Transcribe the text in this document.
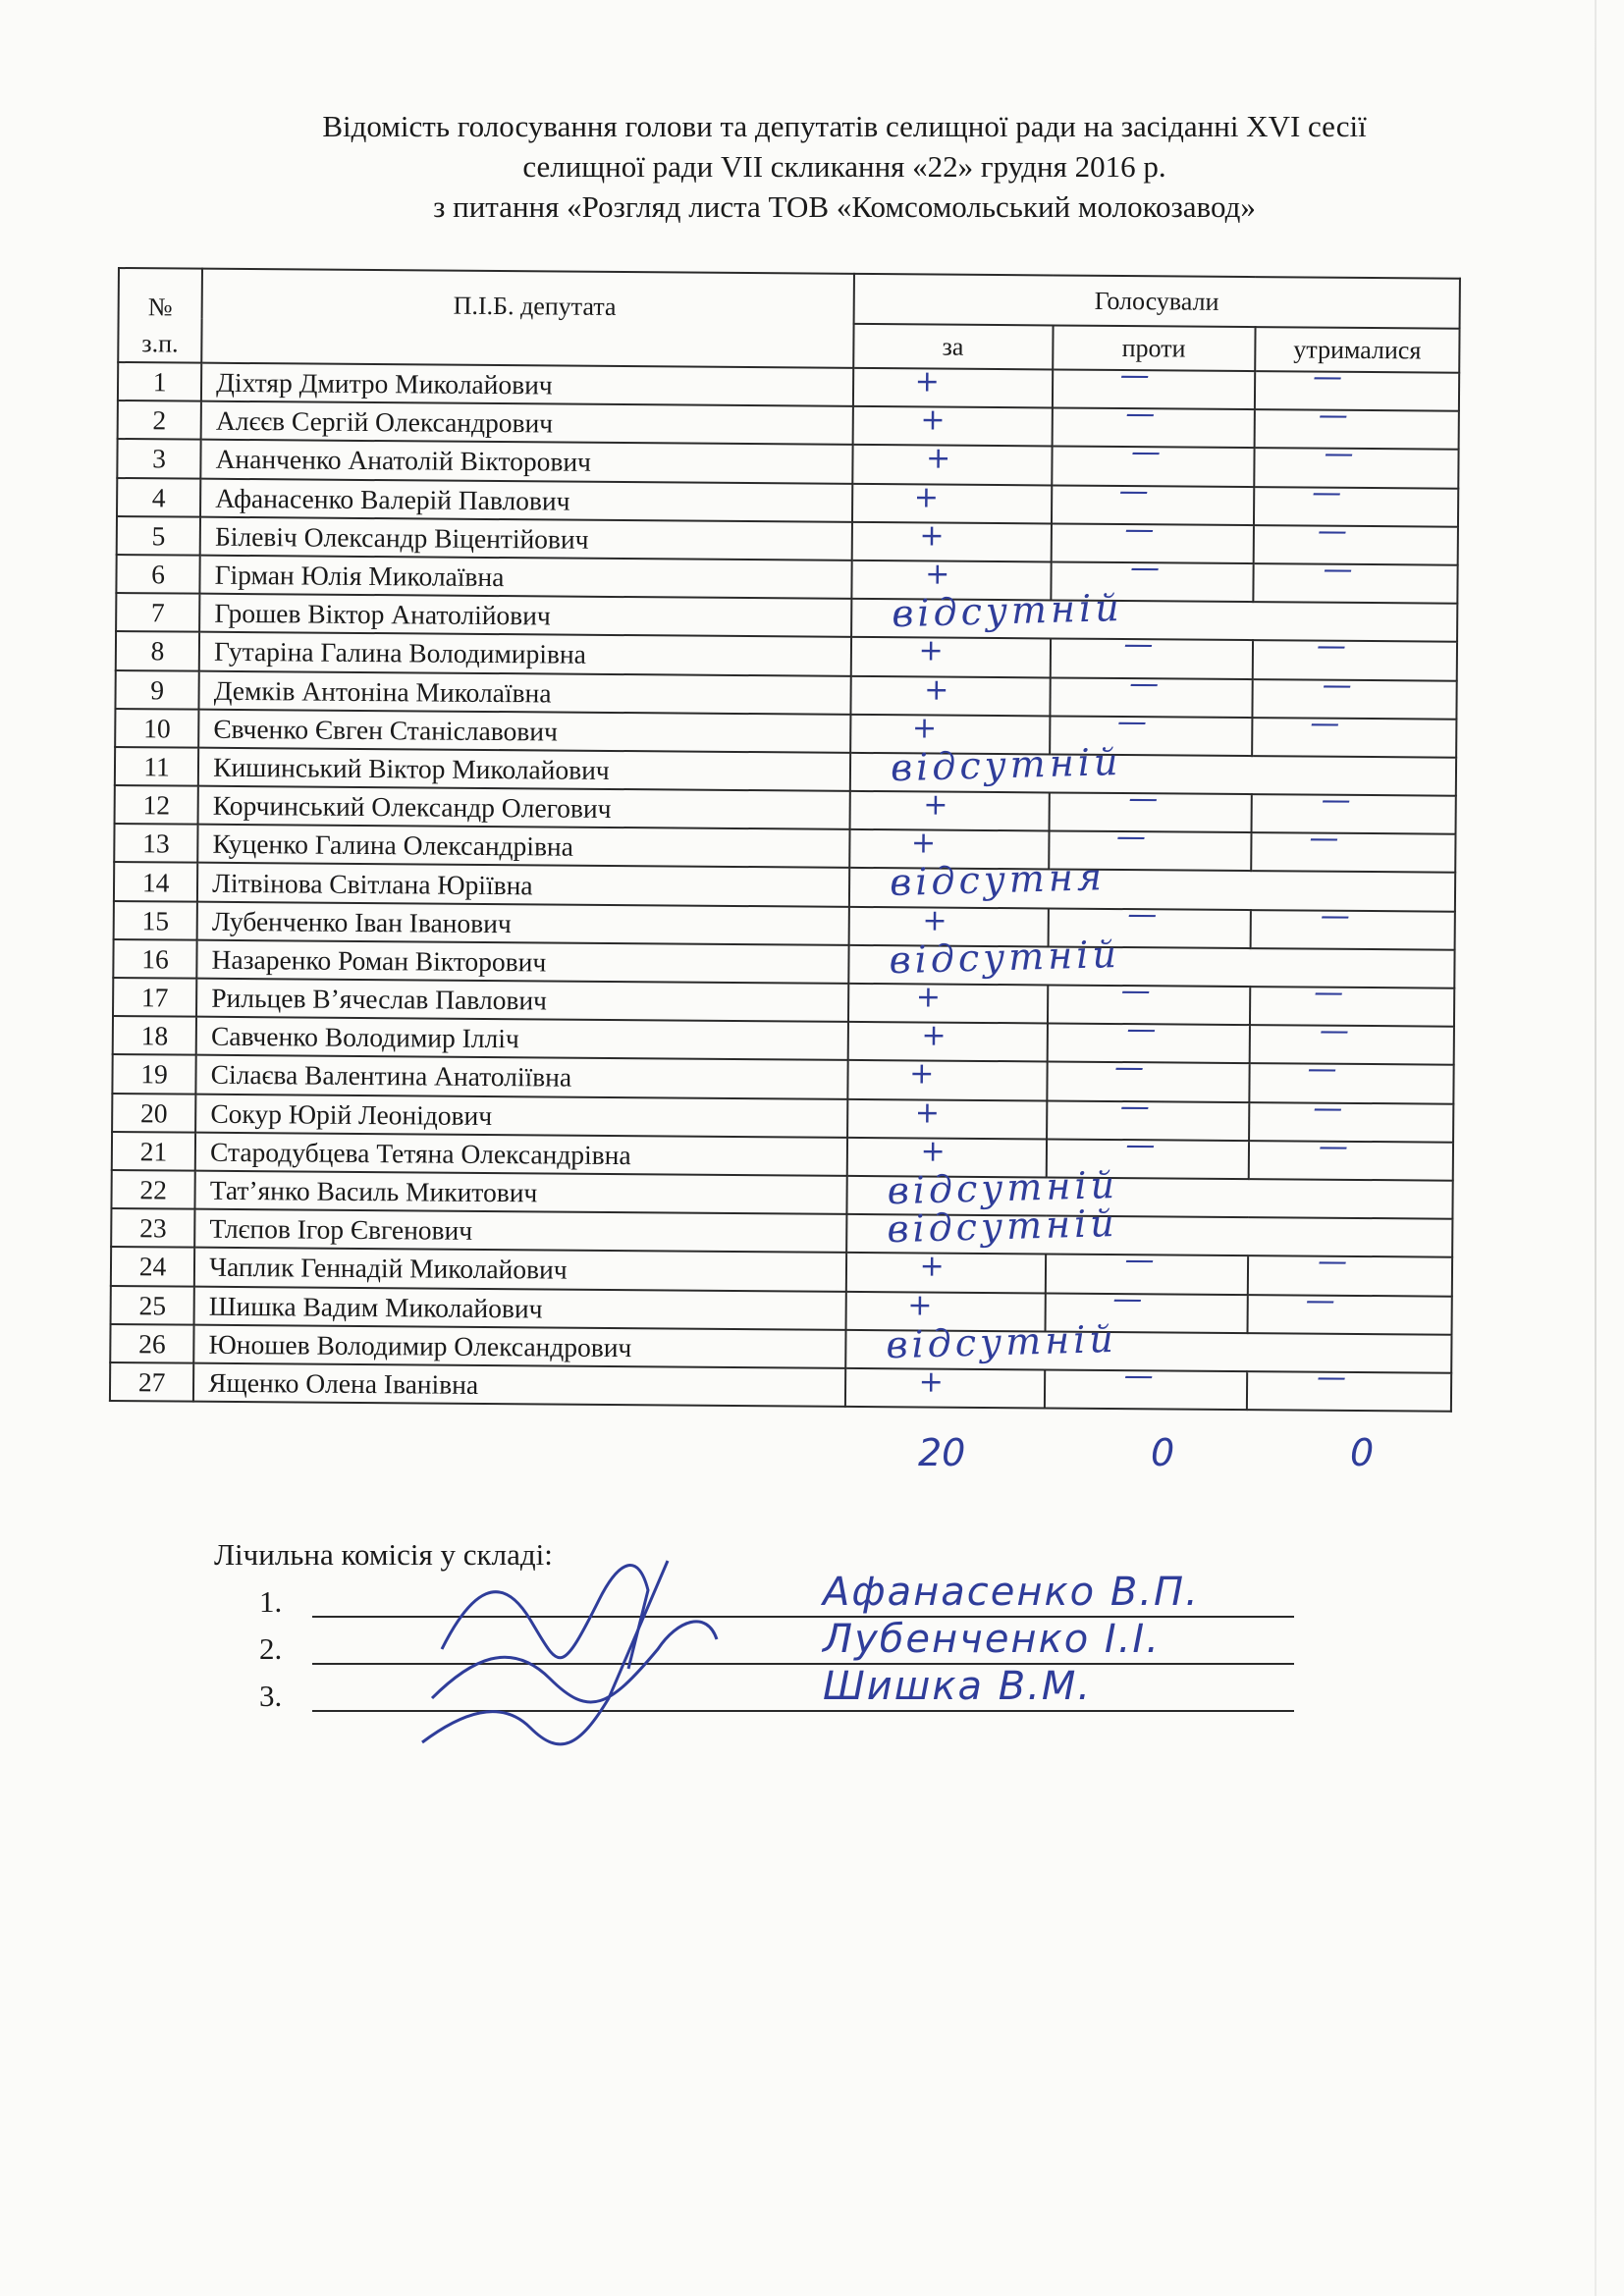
Відомість голосування голови та депутатів селищної ради на засіданні XVI сесії
селищної ради VII скликання «22» грудня 2016 р.
з питання «Розгляд листа ТОВ «Комсомольський молокозавод»
№
з.п.	П.І.Б. депутата	Голосували		
		за	проти	утрималися
1	Діхтяр Дмитро Миколайович	+	—	—

2	Алєєв Сергій Олександрович	+	—	—

3	Ананченко Анатолій Вікторович	+	—	—

4	Афанасенко Валерій Павлович	+	—	—

5	Білевіч Олександр Віцентійович	+	—	—

6	Гірман Юлія Миколаївна	+	—	—

7	Грошев Віктор Анатолійович	відсутній		

8	Гутаріна Галина Володимирівна	+	—	—

9	Демків Антоніна Миколаївна	+	—	—

10	Євченко Євген Станіславович	+	—	—

11	Кишинський Віктор Миколайович	відсутній		

12	Корчинський Олександр Олегович	+	—	—

13	Куценко Галина Олександрівна	+	—	—

14	Літвінова Світлана Юріївна	відсутня		

15	Лубенченко Іван Іванович	+	—	—

16	Назаренко Роман Вікторович	відсутній		

17	Рильцев В’ячеслав Павлович	+	—	—

18	Савченко Володимир Ілліч	+	—	—

19	Сілаєва Валентина Анатоліївна	+	—	—

20	Сокур Юрій Леонідович	+	—	—

21	Стародубцева Тетяна Олександрівна	+	—	—

22	Тат’янко Василь Микитович	відсутній		

23	Тлєпов Ігор Євгенович	відсутній		

24	Чаплик Геннадій Миколайович	+	—	—

25	Шишка Вадим Миколайович	+	—	—

26	Юношев Володимир Олександрович	відсутній		

27	Ященко Олена Іванівна	+	—	—
20	0	0
Лічильна комісія у складі:
1.	Афанасенко В.П.
2.	Лубенченко І.І.
3.	Шишка В.М.
